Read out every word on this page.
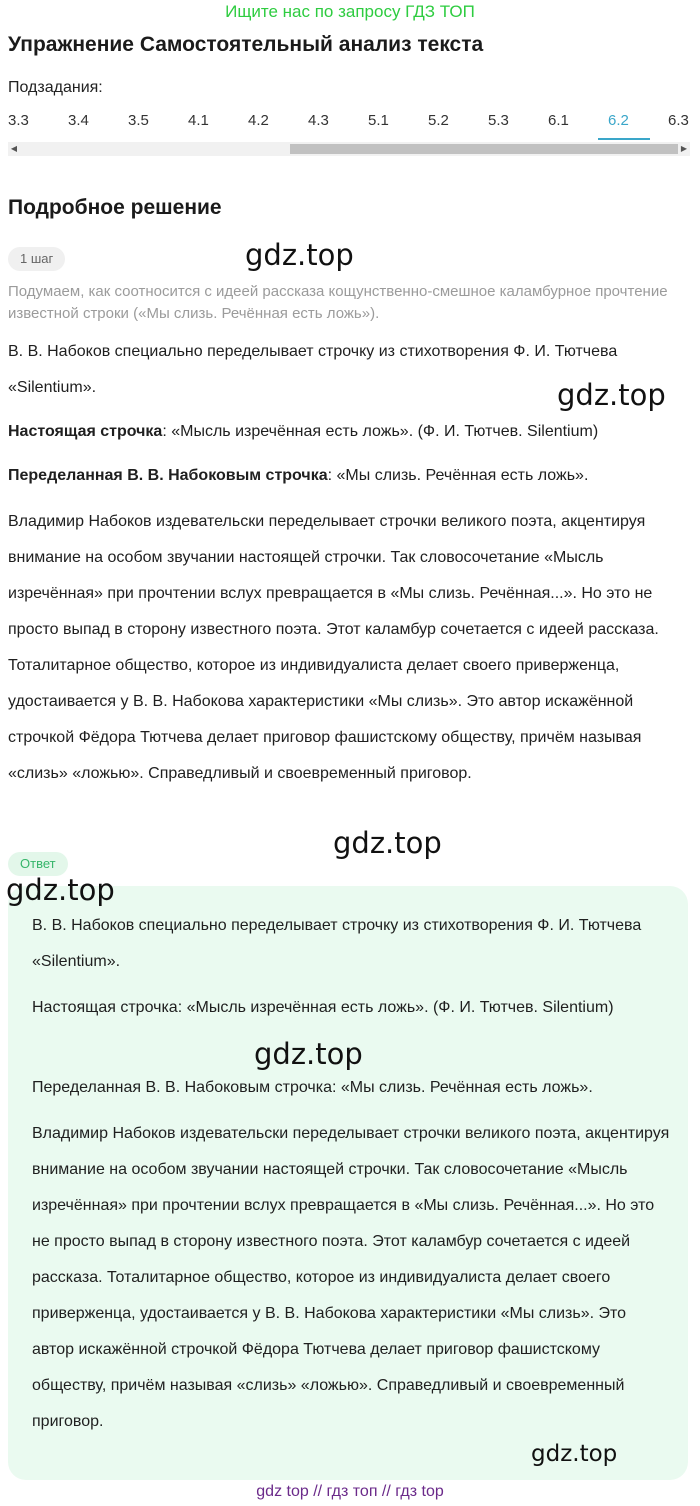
Ищите нас по запросу ГДЗ ТОП
Упражнение Самостоятельный анализ текста
Подзадания:
3.3	3.4	3.5	4.1	4.2	4.3	5.1	5.2	5.3	6.1	6.2	6.3
◀	▶
Подробное решение
1 шаг
Подумаем, как соотносится с идеей рассказа кощунственно-смешное каламбурное прочтение известной строки («Мы слизь. Речённая есть ложь»).

В. В. Набоков специально переделывает строчку из стихотворения Ф. И. Тютчева «Silentium».

Настоящая строчка: «Мысль изречённая есть ложь». (Ф. И. Тютчев. Silentium)

Переделанная В. В. Набоковым строчка: «Мы слизь. Речённая есть ложь».

Владимир Набоков издевательски переделывает строчки великого поэта, акцентируя внимание на особом звучании настоящей строчки. Так словосочетание «Мысль изречённая» при прочтении вслух превращается в «Мы слизь. Речённая...». Но это не просто выпад в сторону известного поэта. Этот каламбур сочетается с идеей рассказа. Тоталитарное общество, которое из индивидуалиста делает своего приверженца, удостаивается у В. В. Набокова характеристики «Мы слизь». Это автор искажённой строчкой Фёдора Тютчева делает приговор фашистскому обществу, причём называя «слизь» «ложью». Справедливый и своевременный приговор.

Ответ

В. В. Набоков специально переделывает строчку из стихотворения Ф. И. Тютчева «Silentium».

Настоящая строчка: «Мысль изречённая есть ложь». (Ф. И. Тютчев. Silentium)

Переделанная В. В. Набоковым строчка: «Мы слизь. Речённая есть ложь».

Владимир Набоков издевательски переделывает строчки великого поэта, акцентируя внимание на особом звучании настоящей строчки. Так словосочетание «Мысль изречённая» при прочтении вслух превращается в «Мы слизь. Речённая...». Но это не просто выпад в сторону известного поэта. Этот каламбур сочетается с идеей рассказа. Тоталитарное общество, которое из индивидуалиста делает своего приверженца, удостаивается у В. В. Набокова характеристики «Мы слизь». Это автор искажённой строчкой Фёдора Тютчева делает приговор фашистскому обществу, причём называя «слизь» «ложью». Справедливый и своевременный приговор.

gdz.top
gdz.top
gdz.top
gdz.top
gdz.top
gdz.top
gdz top // гдз топ // гдз top
